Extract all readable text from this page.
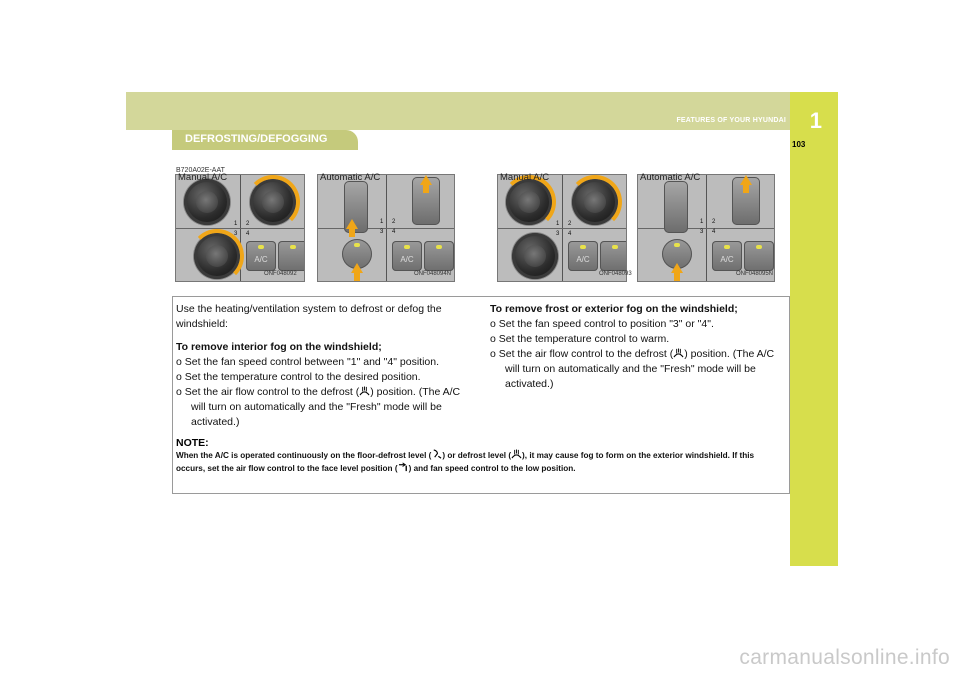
FEATURES OF YOUR HYUNDAI	1
103
DEFROSTING/DEFOGGING
B720A02E-AAT
1 2
3 4
A/C
Manual A/C
ONF048092
1 2
3 4
A/C
Automatic A/C
ONF048094N
1 2
3 4
A/C
Manual A/C
ONF048093
1 2
3 4
A/C
Automatic A/C
ONF048095N

Use the heating/ventilation system to defrost or defog the windshield:

To remove interior fog on the windshield;

o Set the fan speed control between "1" and "4" position.

o Set the temperature control to the desired position.

o Set the air flow control to the defrost ( ) position. (The A/C will turn on automatically and the "Fresh" mode will be activated.)

To remove frost or exterior fog on the windshield;

o Set the fan speed control to position "3" or "4".

o Set the temperature control to warm.

o Set the air flow control to the defrost ( ) position. (The A/C will turn on automatically and the "Fresh" mode will be activated.)

NOTE:
When the A/C is operated continuously on the floor-defrost level ( ) or defrost level ( ), it may cause fog to form on the exterior windshield. If this occurs, set the air flow control to the face level position ( ) and fan speed control to the low position.
carmanualsonline.info
